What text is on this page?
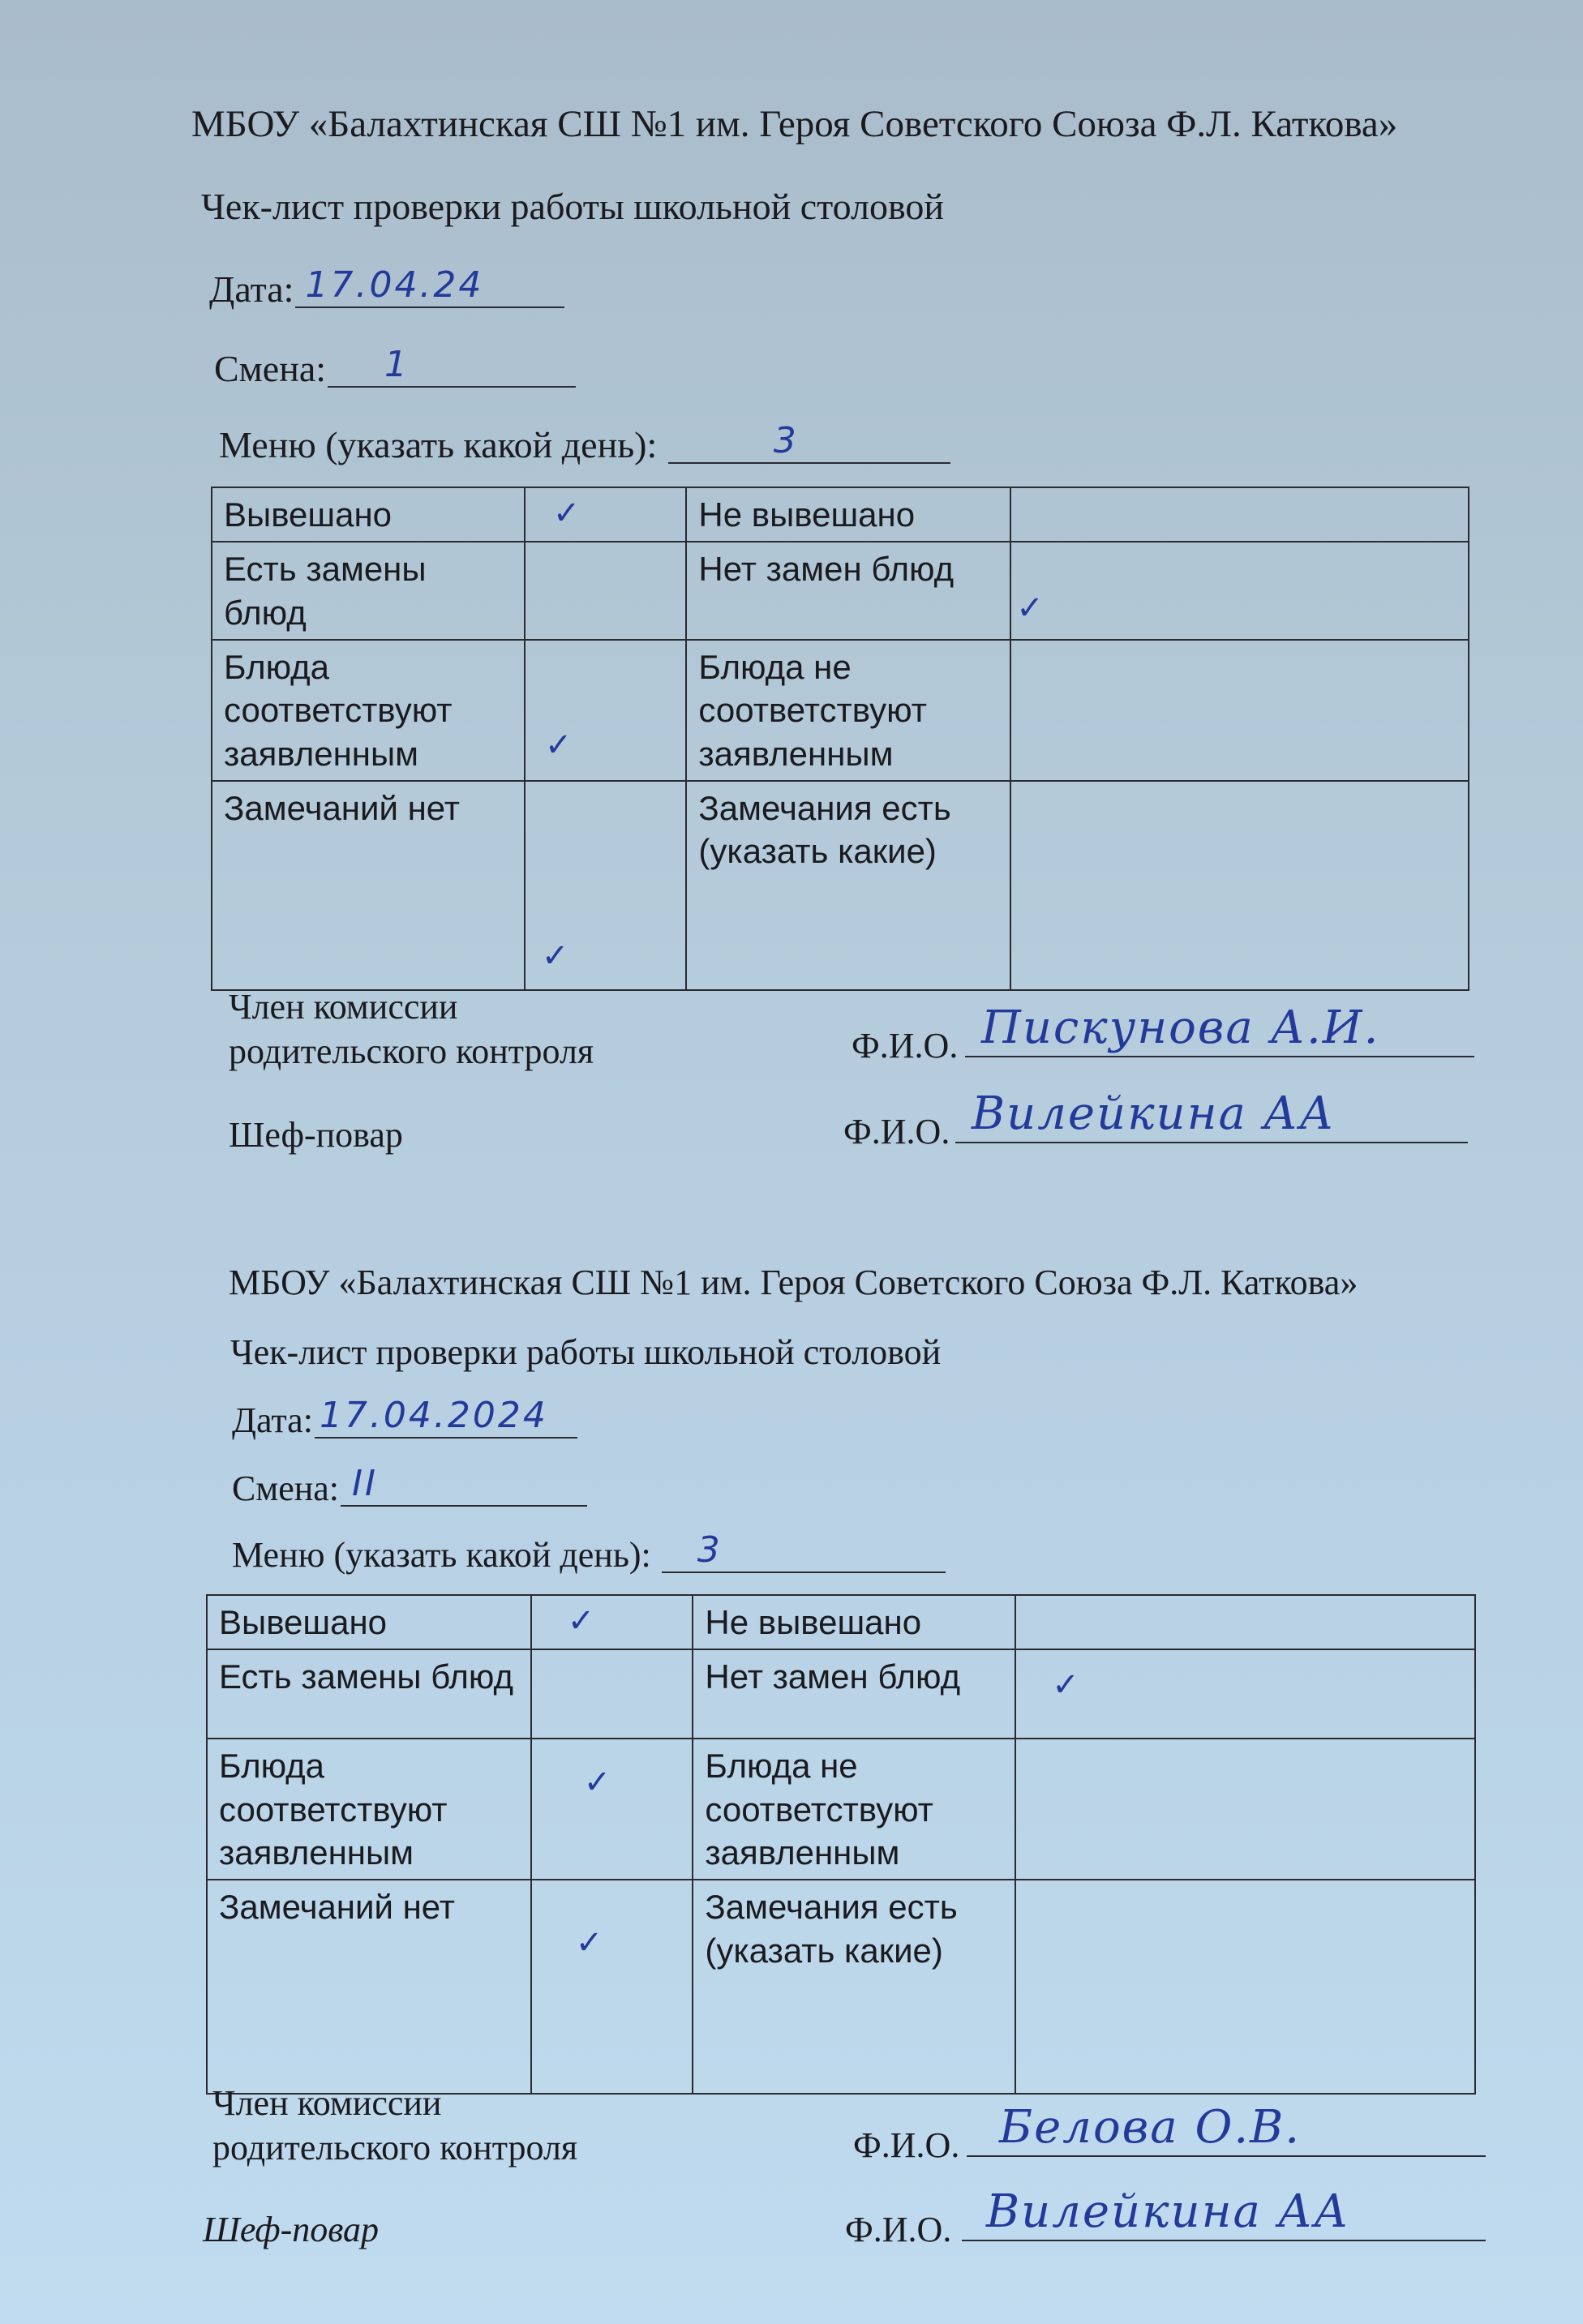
МБОУ «Балахтинская СШ №1 им. Героя Советского Союза Ф.Л. Каткова»
Чек-лист проверки работы школьной столовой
Дата: 17.04.24
Смена: 1
Меню (указать какой день):	3
Вывешано	✓	Не вывешано	

Есть замены блюд		Нет замен блюд	✓

Блюда соответствуют заявленным	✓	Блюда не соответствуют заявленным	

Замечаний нет	✓	Замечания есть (указать какие)	
Член комиссии родительского контроля	Ф.И.О. Пискунова А.И.
Шеф-повар	Ф.И.О. Вилейкина АА
МБОУ «Балахтинская СШ №1 им. Героя Советского Союза Ф.Л. Каткова»
Чек-лист проверки работы школьной столовой
Дата: 17.04.2024
Смена: II
Меню (указать какой день): 3
Вывешано	✓	Не вывешано	

Есть замены блюд		Нет замен блюд	✓

Блюда соответствуют заявленным	✓	Блюда не соответствуют заявленным	

Замечаний нет	✓	Замечания есть (указать какие)	
Член комиссии родительского контроля	Ф.И.О. Белова О.В.
Шеф-повар	Ф.И.О. Вилейкина АА
